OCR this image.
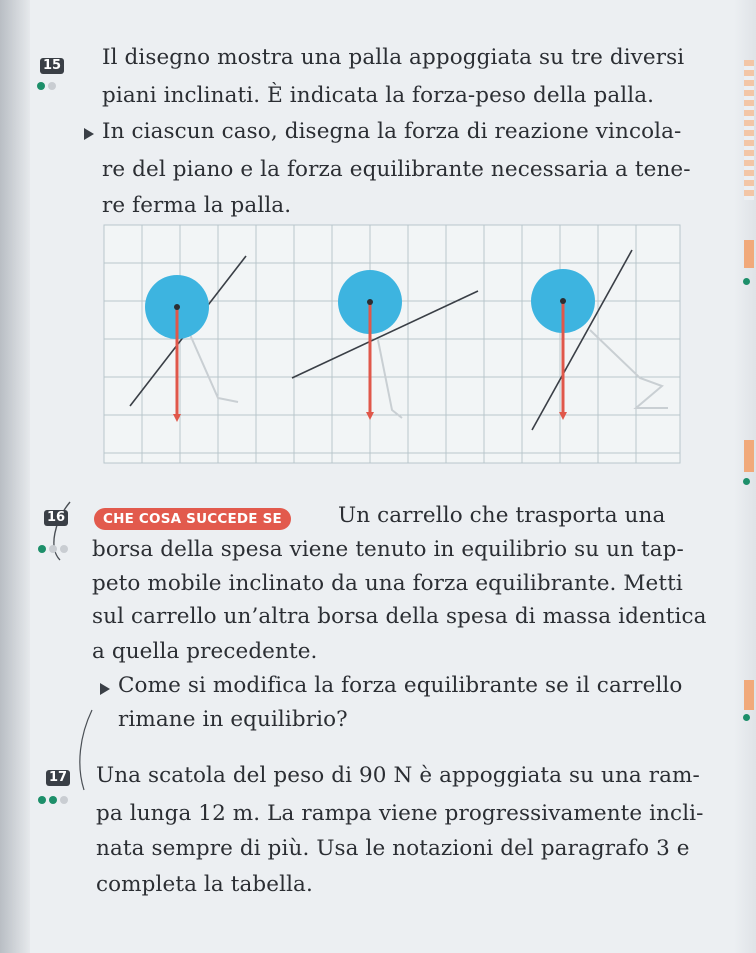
15 Il disegno mostra una palla appoggiata su tre diversi
piani inclinati. È indicata la forza-peso della palla.
In ciascun caso, disegna la forza di reazione vincola-
re del piano e la forza equilibrante necessaria a tene-
re ferma la palla.
16	CHE COSA SUCCEDE SE	Un carrello che trasporta una
borsa della spesa viene tenuto in equilibrio su un tap-
peto mobile inclinato da una forza equilibrante. Metti
sul carrello un’altra borsa della spesa di massa identica
a quella precedente.
Come si modifica la forza equilibrante se il carrello
rimane in equilibrio?
17 Una scatola del peso di 90 N è appoggiata su una ram-
pa lunga 12 m. La rampa viene progressivamente incli-
nata sempre di più. Usa le notazioni del paragrafo 3 e
completa la tabella.
